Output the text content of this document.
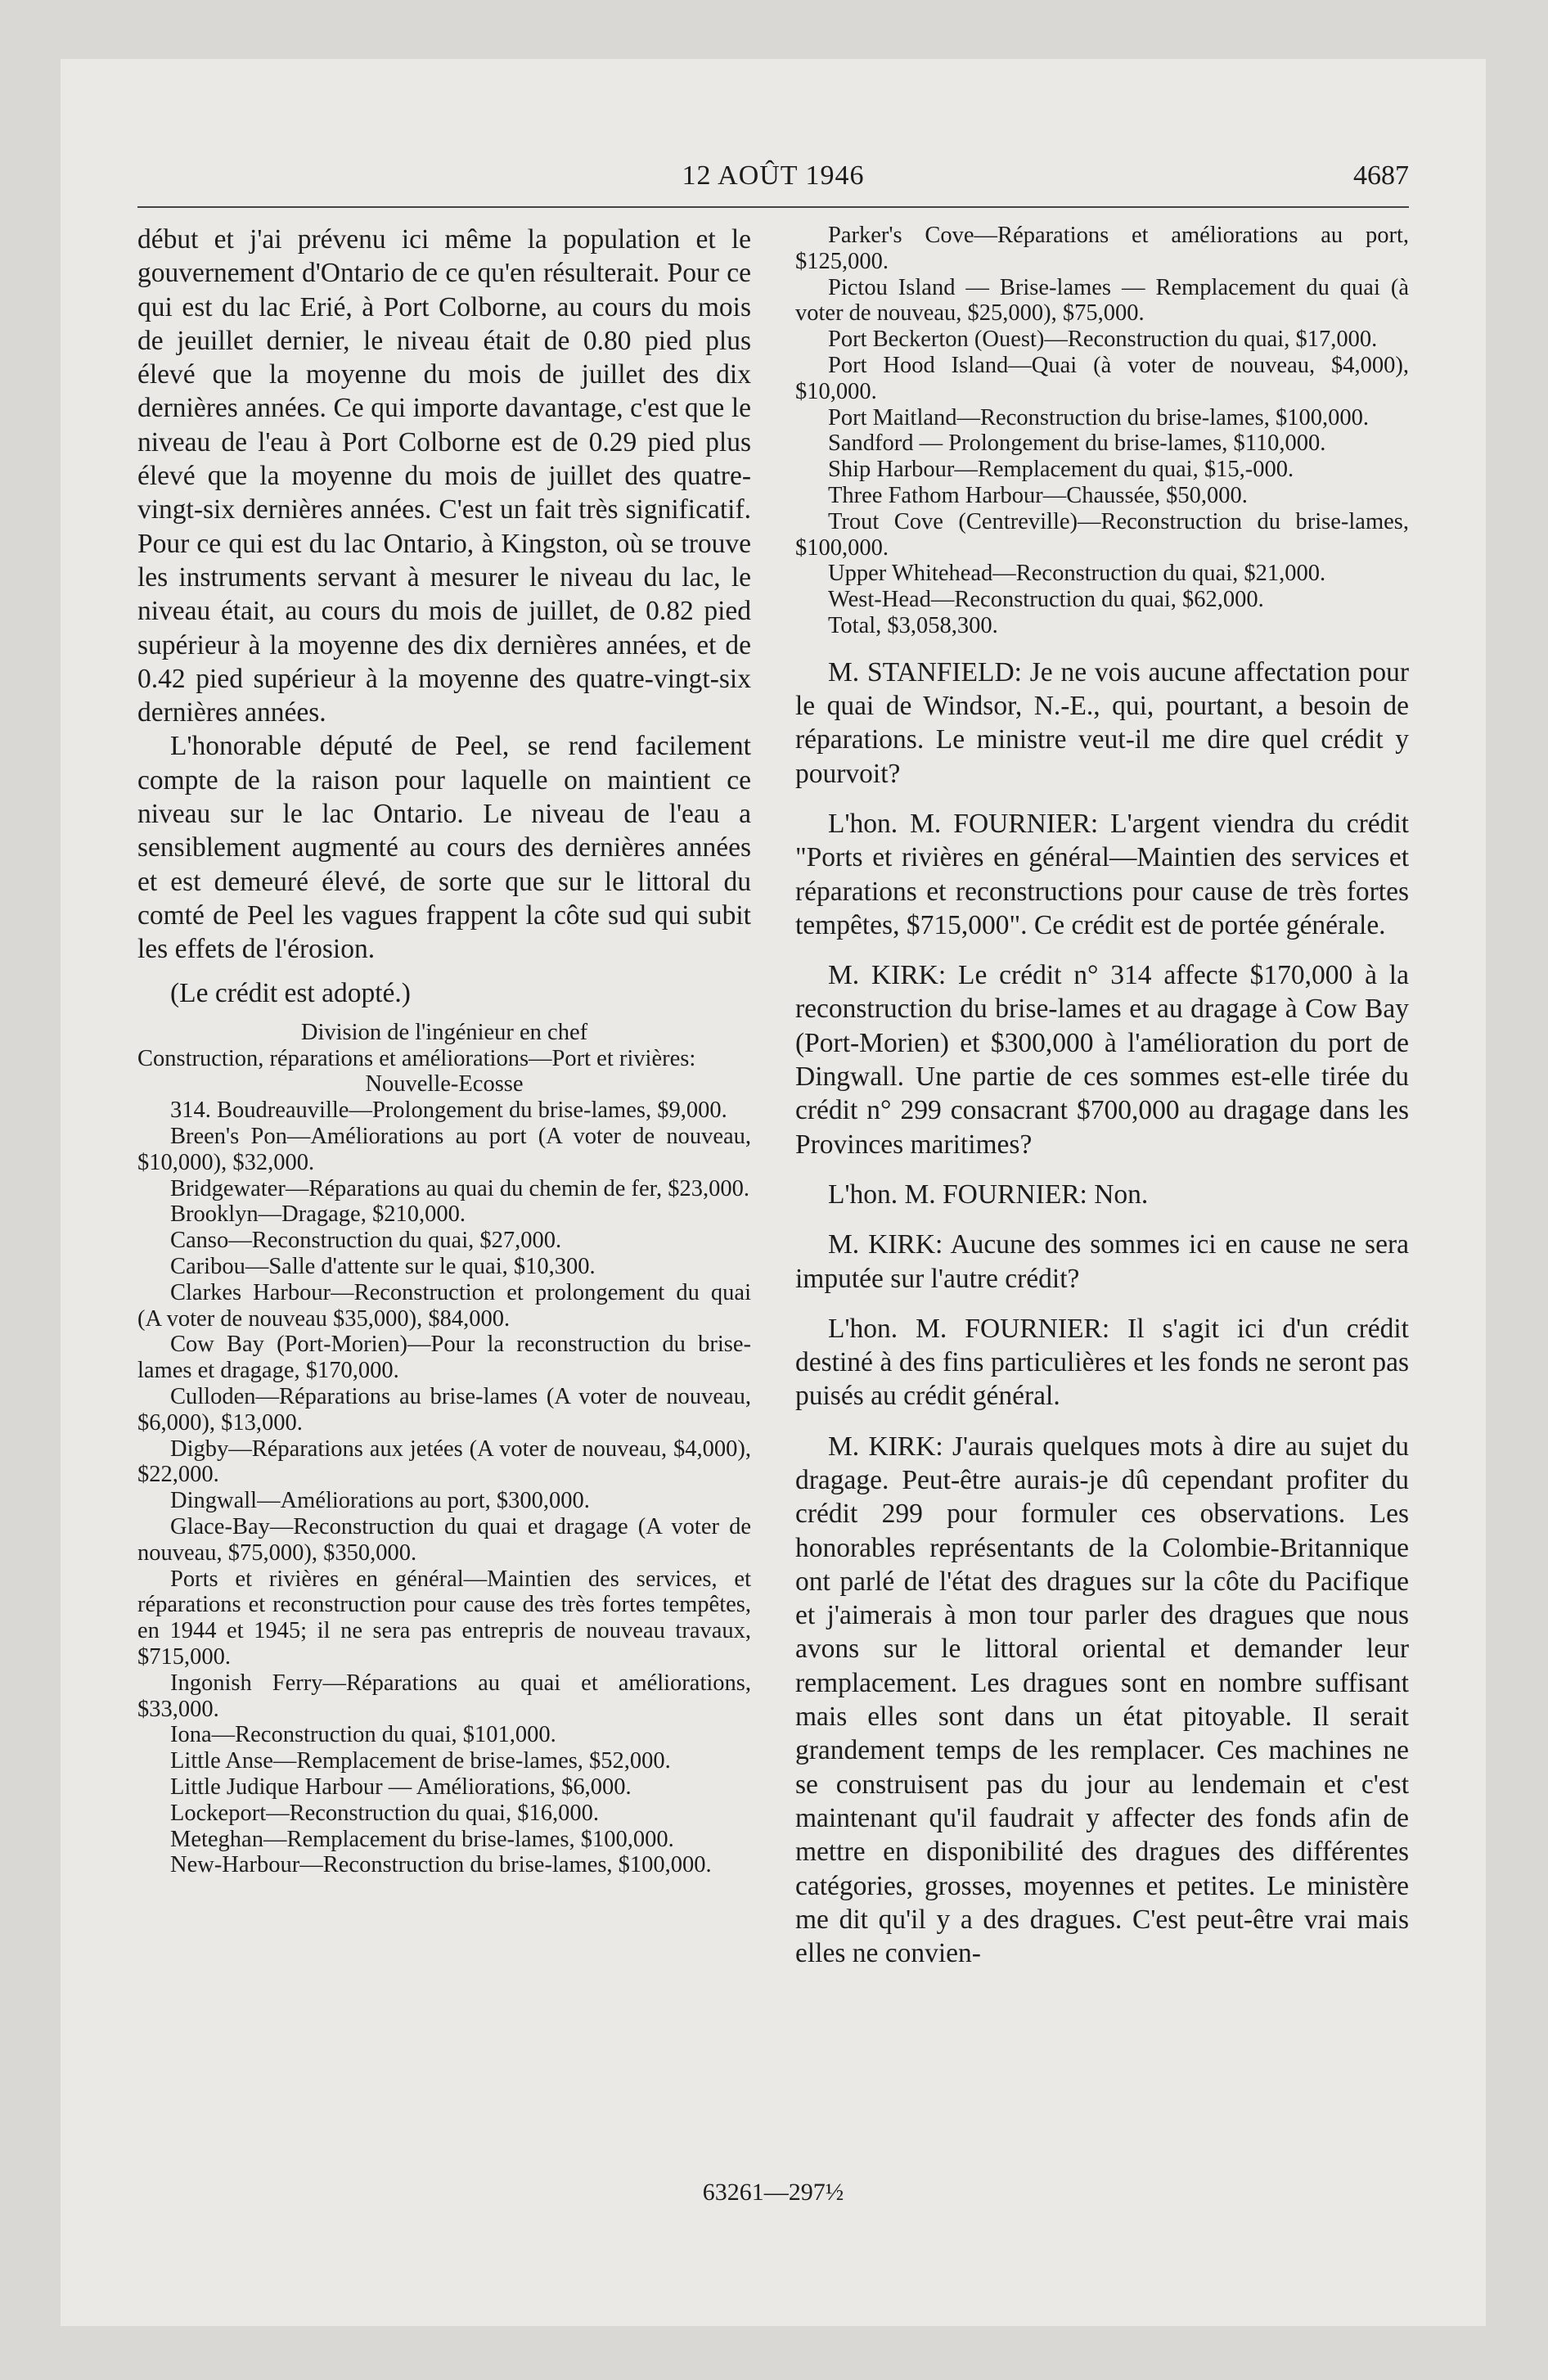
12 AOÛT 1946	4687

début et j'ai prévenu ici même la population et le gouvernement d'Ontario de ce qu'en résulterait. Pour ce qui est du lac Erié, à Port Colborne, au cours du mois de jeuillet dernier, le niveau était de 0.80 pied plus élevé que la moyenne du mois de juillet des dix dernières années. Ce qui importe davantage, c'est que le niveau de l'eau à Port Colborne est de 0.29 pied plus élevé que la moyenne du mois de juillet des quatre-vingt-six dernières années. C'est un fait très significatif. Pour ce qui est du lac Ontario, à Kingston, où se trouve les instruments servant à mesurer le niveau du lac, le niveau était, au cours du mois de juillet, de 0.82 pied supérieur à la moyenne des dix dernières années, et de 0.42 pied supérieur à la moyenne des quatre-vingt-six dernières années.

L'honorable député de Peel, se rend facilement compte de la raison pour laquelle on maintient ce niveau sur le lac Ontario. Le niveau de l'eau a sensiblement augmenté au cours des dernières années et est demeuré élevé, de sorte que sur le littoral du comté de Peel les vagues frappent la côte sud qui subit les effets de l'érosion.

(Le crédit est adopté.)

Division de l'ingénieur en chef

Construction, réparations et améliorations—Port et rivières:

Nouvelle-Ecosse

314. Boudreauville—Prolongement du brise-lames, $9,000.

Breen's Pon—Améliorations au port (A voter de nouveau, $10,000), $32,000.

Bridgewater—Réparations au quai du chemin de fer, $23,000.

Brooklyn—Dragage, $210,000.

Canso—Reconstruction du quai, $27,000.

Caribou—Salle d'attente sur le quai, $10,300.

Clarkes Harbour—Reconstruction et prolongement du quai (A voter de nouveau $35,000), $84,000.

Cow Bay (Port-Morien)—Pour la reconstruction du brise-lames et dragage, $170,000.

Culloden—Réparations au brise-lames (A voter de nouveau, $6,000), $13,000.

Digby—Réparations aux jetées (A voter de nouveau, $4,000), $22,000.

Dingwall—Améliorations au port, $300,000.

Glace-Bay—Reconstruction du quai et dragage (A voter de nouveau, $75,000), $350,000.

Ports et rivières en général—Maintien des services, et réparations et reconstruction pour cause des très fortes tempêtes, en 1944 et 1945; il ne sera pas entrepris de nouveau travaux, $715,000.

Ingonish Ferry—Réparations au quai et améliorations, $33,000.

Iona—Reconstruction du quai, $101,000.

Little Anse—Remplacement de brise-lames, $52,000.

Little Judique Harbour — Améliorations, $6,000.

Lockeport—Reconstruction du quai, $16,000.

Meteghan—Remplacement du brise-lames, $100,000.

New-Harbour—Reconstruction du brise-lames, $100,000.

Parker's Cove—Réparations et améliorations au port, $125,000.

Pictou Island — Brise-lames — Remplacement du quai (à voter de nouveau, $25,000), $75,000.

Port Beckerton (Ouest)—Reconstruction du quai, $17,000.

Port Hood Island—Quai (à voter de nouveau, $4,000), $10,000.

Port Maitland—Reconstruction du brise-lames, $100,000.

Sandford — Prolongement du brise-lames, $110,000.

Ship Harbour—Remplacement du quai, $15,-000.

Three Fathom Harbour—Chaussée, $50,000.

Trout Cove (Centreville)—Reconstruction du brise-lames, $100,000.

Upper Whitehead—Reconstruction du quai, $21,000.

West-Head—Reconstruction du quai, $62,000.

Total, $3,058,300.

M. STANFIELD: Je ne vois aucune affectation pour le quai de Windsor, N.-E., qui, pourtant, a besoin de réparations. Le ministre veut-il me dire quel crédit y pourvoit?

L'hon. M. FOURNIER: L'argent viendra du crédit "Ports et rivières en général—Maintien des services et réparations et reconstructions pour cause de très fortes tempêtes, $715,000". Ce crédit est de portée générale.

M. KIRK: Le crédit n° 314 affecte $170,000 à la reconstruction du brise-lames et au dragage à Cow Bay (Port-Morien) et $300,000 à l'amélioration du port de Dingwall. Une partie de ces sommes est-elle tirée du crédit n° 299 consacrant $700,000 au dragage dans les Provinces maritimes?

L'hon. M. FOURNIER: Non.

M. KIRK: Aucune des sommes ici en cause ne sera imputée sur l'autre crédit?

L'hon. M. FOURNIER: Il s'agit ici d'un crédit destiné à des fins particulières et les fonds ne seront pas puisés au crédit général.

M. KIRK: J'aurais quelques mots à dire au sujet du dragage. Peut-être aurais-je dû cependant profiter du crédit 299 pour formuler ces observations. Les honorables représentants de la Colombie-Britannique ont parlé de l'état des dragues sur la côte du Pacifique et j'aimerais à mon tour parler des dragues que nous avons sur le littoral oriental et demander leur remplacement. Les dragues sont en nombre suffisant mais elles sont dans un état pitoyable. Il serait grandement temps de les remplacer. Ces machines ne se construisent pas du jour au lendemain et c'est maintenant qu'il faudrait y affecter des fonds afin de mettre en disponibilité des dragues des différentes catégories, grosses, moyennes et petites. Le ministère me dit qu'il y a des dragues. C'est peut-être vrai mais elles ne convien-

63261—297½
